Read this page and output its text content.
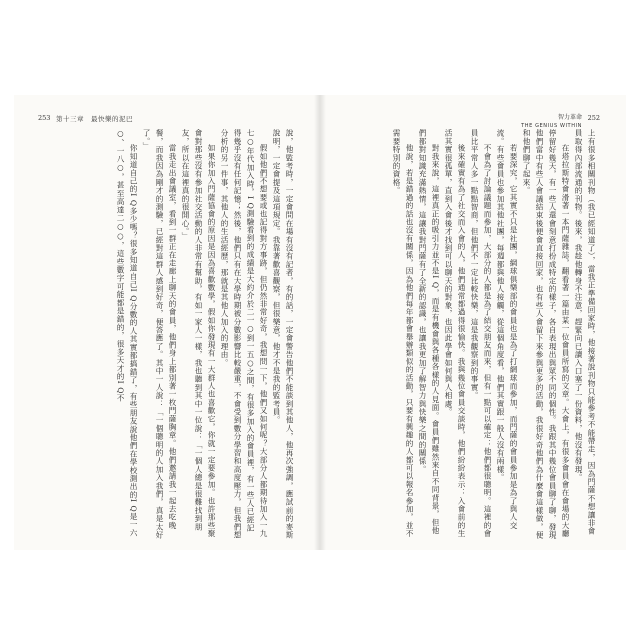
253 第十三章　最快樂的泥巴

說，他監考時，一定會問在場有沒有記者，有的話，一定會警告他們不能談到其他人，他再次強調，應試前的麥斯說明，一定會提及這項規定。我靠著歡喜觀察，但很樂意，他才不是我的監考員。

假如他們不想要或也記得對方事跡，但仍然非常好奇，我想問一下，他們又如何呢？大部分人都期待加入一九七○年代加入時，I Q測驗看到的成績是大約介於二一○到一五○之間，有很多加入的會員裡，有一些人已經記得幾乎沒有任何記憶；然後，他們只有在大學時期被分數影響比較嚴重，不會受到數分學習和高度壓力，但我們想分析的另一件事，其他人的生活經歷，那就是其他人加入的理由。

如果你加入門薩協會的原因是因為喜歡數學，假如你發現有一大群人也喜歡它，你就一定要參加。也許那些聚會對那些沒有參加社交活動的人非常有幫助，有如一家人一樣，我也聽到其中一位說：「一個人總是很難找到朋友，所以在這裡真的很開心。」

當我走出會議室，看到一群正在走廊上聊天的會員，他們身上都別著一枚門薩胸章。他們邀請我一起去吃晚餐，而我因為剛才的測驗，已經對這群人感到好奇，便答應了。其中一人說：「一個聰明的人加入我們，真是太好了。」

你知道自己的I Q多少嗎？很多知道自己I Q分數的人其實都搞錯了，有些朋友說他們在學校測出的I Q是一六○、一八○，甚至高達二○○，這些數字可能都是錯的，很多天才的I Q不

智力革命
THE GENIUS WITHIN
252

上有很多相關刊物（我已經知道了），當我正準備回家時，他接著說刊物只能參考不能帶走，因為門薩不想讓非會員取得內部流通的刊物。後來，我趁他轉身不注意，趕緊向已讀入口塞了一份資料，他沒有發現。

在塔拉斯特會滑著一本門薩雜誌，翻看著一篇由某一位會員所寫的文章。大會上，有很多會員會在會場的大廳停留好幾天，有一些人還會刻意打扮成特定的樣子，各自表現出與眾不同的個性。我跟其中幾位會員聊了聊，發現他們當中有些人會議結束後便會直接回家，也有些人會留下來參與更多的活動，我很好奇他們為什麼會這樣做，便和他們聊了起來。

若要深究，它其實不只是社團，網球俱樂部的會員也是為了打網球而參加，而門薩的會員參加是為了與人交流。有些會員也參加其他社團，每週都與他人接觸，從這個角度看，他們其實跟一般人沒有兩樣。

不會為了討論議題而參加，大部分的人都是為了結交朋友而來，但有一點可以確定：他們都很聰明。這裡的會員比平常人多一點點智商，但他們不一定比較快樂，這是我觀察到的事實。

後來確實有為了社交而入會的人，他們通常都過得很愉快。我與幾位會員交談時，他們紛紛表示：入會前的生活其實很孤單，直到入會後才找到可以聊天的對象，也因此學會如何與人相處。

對我來說，這裡真正的吸引力並不是I Q，而是有機會與各種各樣的人見面。會員們雖然來自不同背景，但他們都對知識充滿熱情，這讓我對門薩有了全新的認識，也讓我更加了解智力與快樂之間的關係。

他說，若是錯過的話也沒有關係，因為他們每年都會舉辦類似的活動，只要有興趣的人都可以報名參加，並不需要特別的資格。
